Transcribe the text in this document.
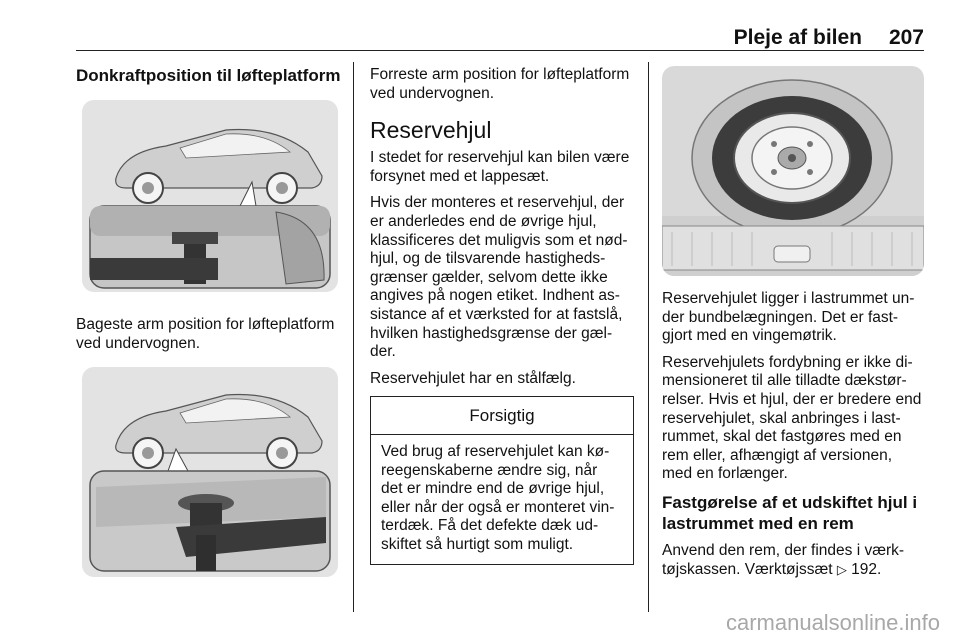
Pleje af bilen 207
Donkraftposition til løfteplatform

Bageste arm position for løfteplatform ved undervognen.

Forreste arm position for løfteplatform ved undervognen.

Reservehjul

I stedet for reservehjul kan bilen være forsynet med et lappesæt.

Hvis der monteres et reservehjul, der er anderledes end de øvrige hjul, klassificeres det muligvis som et nød-hjul, og de tilsvarende hastigheds-grænser gælder, selvom dette ikke angives på nogen etiket. Indhent as-sistance af et værksted for at fastslå, hvilken hastighedsgrænse der gæl-der.

Reservehjulet har en stålfælg.

Forsigtig
Ved brug af reservehjulet kan kø-reegenskaberne ændre sig, når det er mindre end de øvrige hjul, eller når der også er monteret vin-terdæk. Få det defekte dæk ud-skiftet så hurtigt som muligt.

Reservehjulet ligger i lastrummet un-der bundbelægningen. Det er fast-gjort med en vingemøtrik.

Reservehjulets fordybning er ikke di-mensioneret til alle tilladte dækstør-relser. Hvis et hjul, der er bredere end reservehjulet, skal anbringes i last-rummet, skal det fastgøres med en rem eller, afhængigt af versionen, med en forlænger.

Fastgørelse af et udskiftet hjul i lastrummet med en rem

Anvend den rem, der findes i værk-tøjskassen. Værktøjssæt ▷ 192.

carmanualsonline.info
